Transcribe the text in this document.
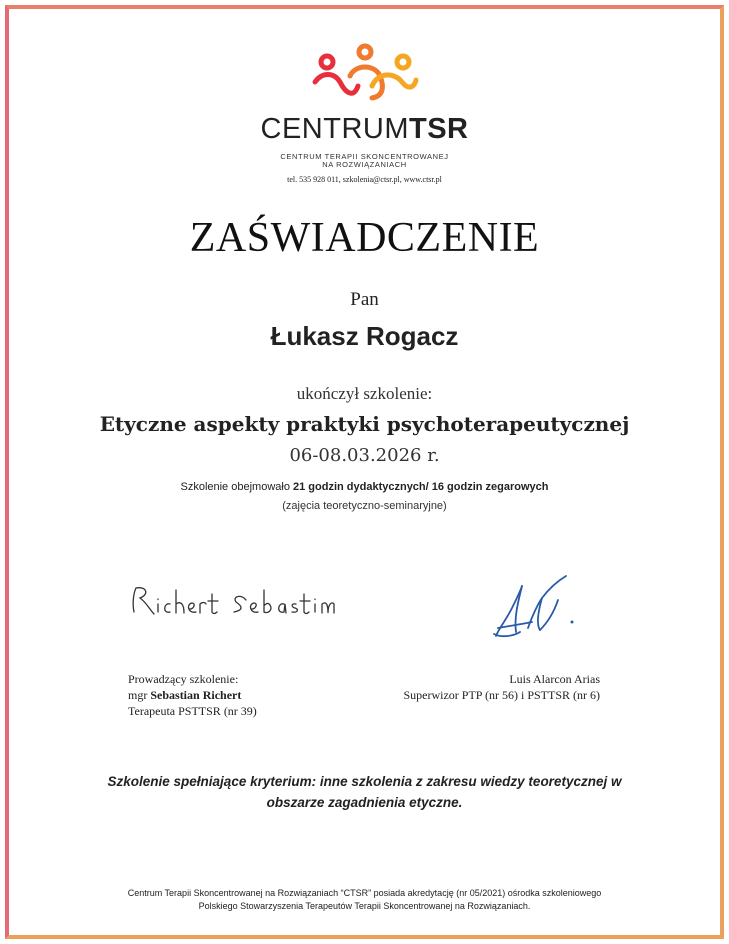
CENTRUMTSR
CENTRUM TERAPII SKONCENTROWANEJ
NA ROZWIĄZANIACH
tel. 535 928 011, szkolenia@ctsr.pl, www.ctsr.pl
ZAŚWIADCZENIE
Pan
Łukasz Rogacz
ukończył szkolenie:
Etyczne aspekty praktyki psychoterapeutycznej
06-08.03.2026 r.
Szkolenie obejmowało 21 godzin dydaktycznych/ 16 godzin zegarowych
(zajęcia teoretyczno-seminaryjne)
Prowadzący szkolenie:
mgr Sebastian Richert
Terapeuta PSTTSR (nr 39)
Luis Alarcon Arias
Superwizor PTP (nr 56) i PSTTSR (nr 6)
Szkolenie spełniające kryterium: inne szkolenia z zakresu wiedzy teoretycznej w
obszarze zagadnienia etyczne.
Centrum Terapii Skoncentrowanej na Rozwiązaniach “CTSR” posiada akredytację (nr 05/2021) ośrodka szkoleniowego
Polskiego Stowarzyszenia Terapeutów Terapii Skoncentrowanej na Rozwiązaniach.
